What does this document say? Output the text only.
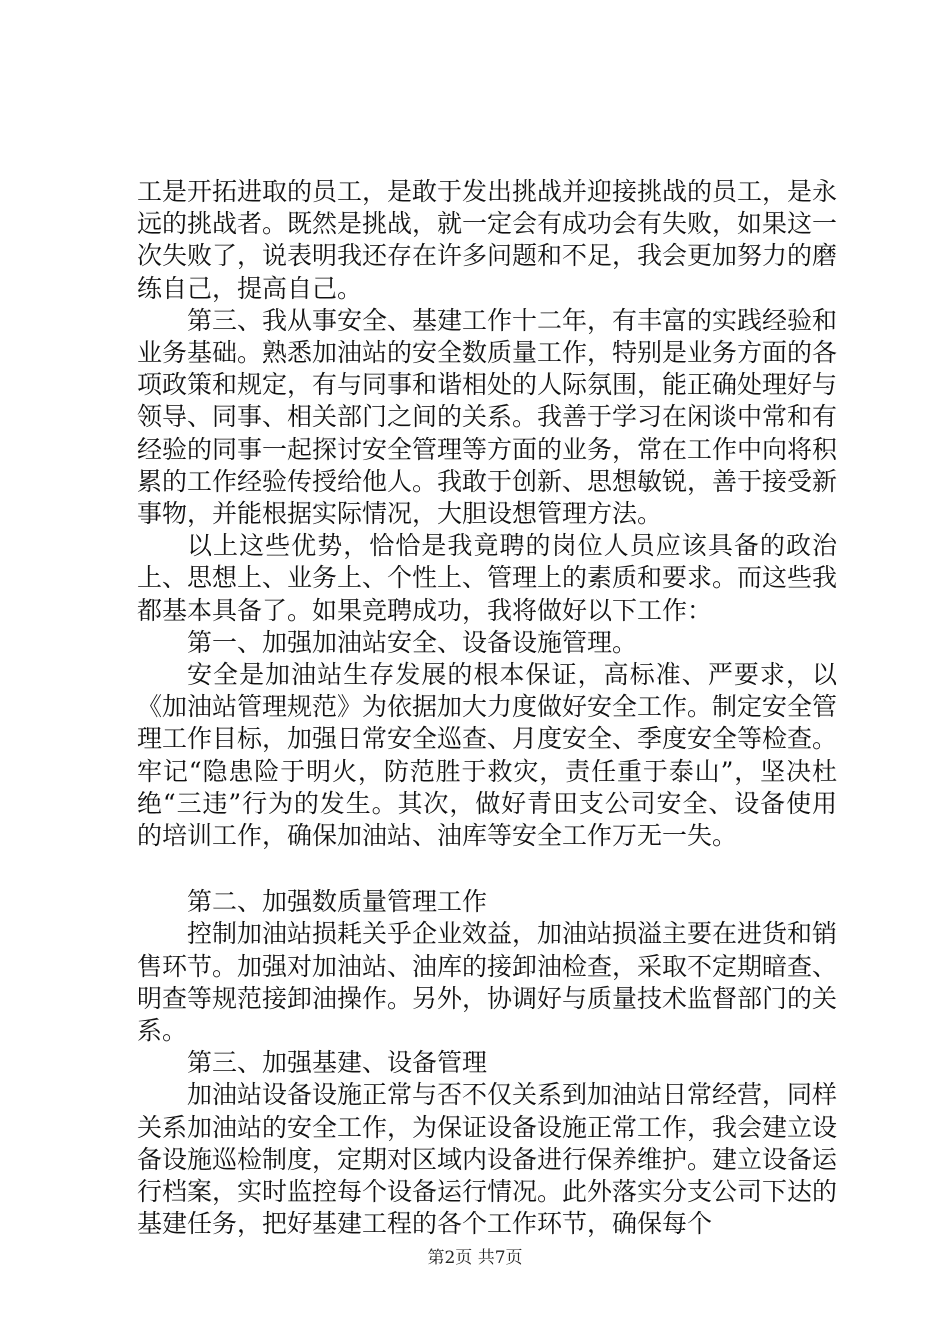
工是开拓进取的员工，是敢于发出挑战并迎接挑战的员工，是永远的挑战者。既然是挑战，就一定会有成功会有失败，如果这一次失败了，说表明我还存在许多问题和不足，我会更加努力的磨练自己，提高自己。

第三、我从事安全、基建工作十二年，有丰富的实践经验和业务基础。熟悉加油站的安全数质量工作，特别是业务方面的各项政策和规定，有与同事和谐相处的人际氛围，能正确处理好与领导、同事、相关部门之间的关系。我善于学习在闲谈中常和有经验的同事一起探讨安全管理等方面的业务，常在工作中向将积累的工作经验传授给他人。我敢于创新、思想敏锐，善于接受新事物，并能根据实际情况，大胆设想管理方法。

以上这些优势，恰恰是我竟聘的岗位人员应该具备的政治上、思想上、业务上、个性上、管理上的素质和要求。而这些我都基本具备了。如果竞聘成功，我将做好以下工作：

第一、加强加油站安全、设备设施管理。

安全是加油站生存发展的根本保证，高标准、严要求，以《加油站管理规范》为依据加大力度做好安全工作。制定安全管理工作目标，加强日常安全巡查、月度安全、季度安全等检查。牢记“隐患险于明火，防范胜于救灾，责任重于泰山”，坚决杜绝“三违”行为的发生。其次，做好青田支公司安全、设备使用的培训工作，确保加油站、油库等安全工作万无一失。

第二、加强数质量管理工作

控制加油站损耗关乎企业效益，加油站损溢主要在进货和销售环节。加强对加油站、油库的接卸油检查，采取不定期暗查、明查等规范接卸油操作。另外，协调好与质量技术监督部门的关系。

第三、加强基建、设备管理

加油站设备设施正常与否不仅关系到加油站日常经营，同样关系加油站的安全工作，为保证设备设施正常工作，我会建立设备设施巡检制度，定期对区域内设备进行保养维护。建立设备运行档案，实时监控每个设备运行情况。此外落实分支公司下达的基建任务，把好基建工程的各个工作环节，确保每个

第2页 共7页
